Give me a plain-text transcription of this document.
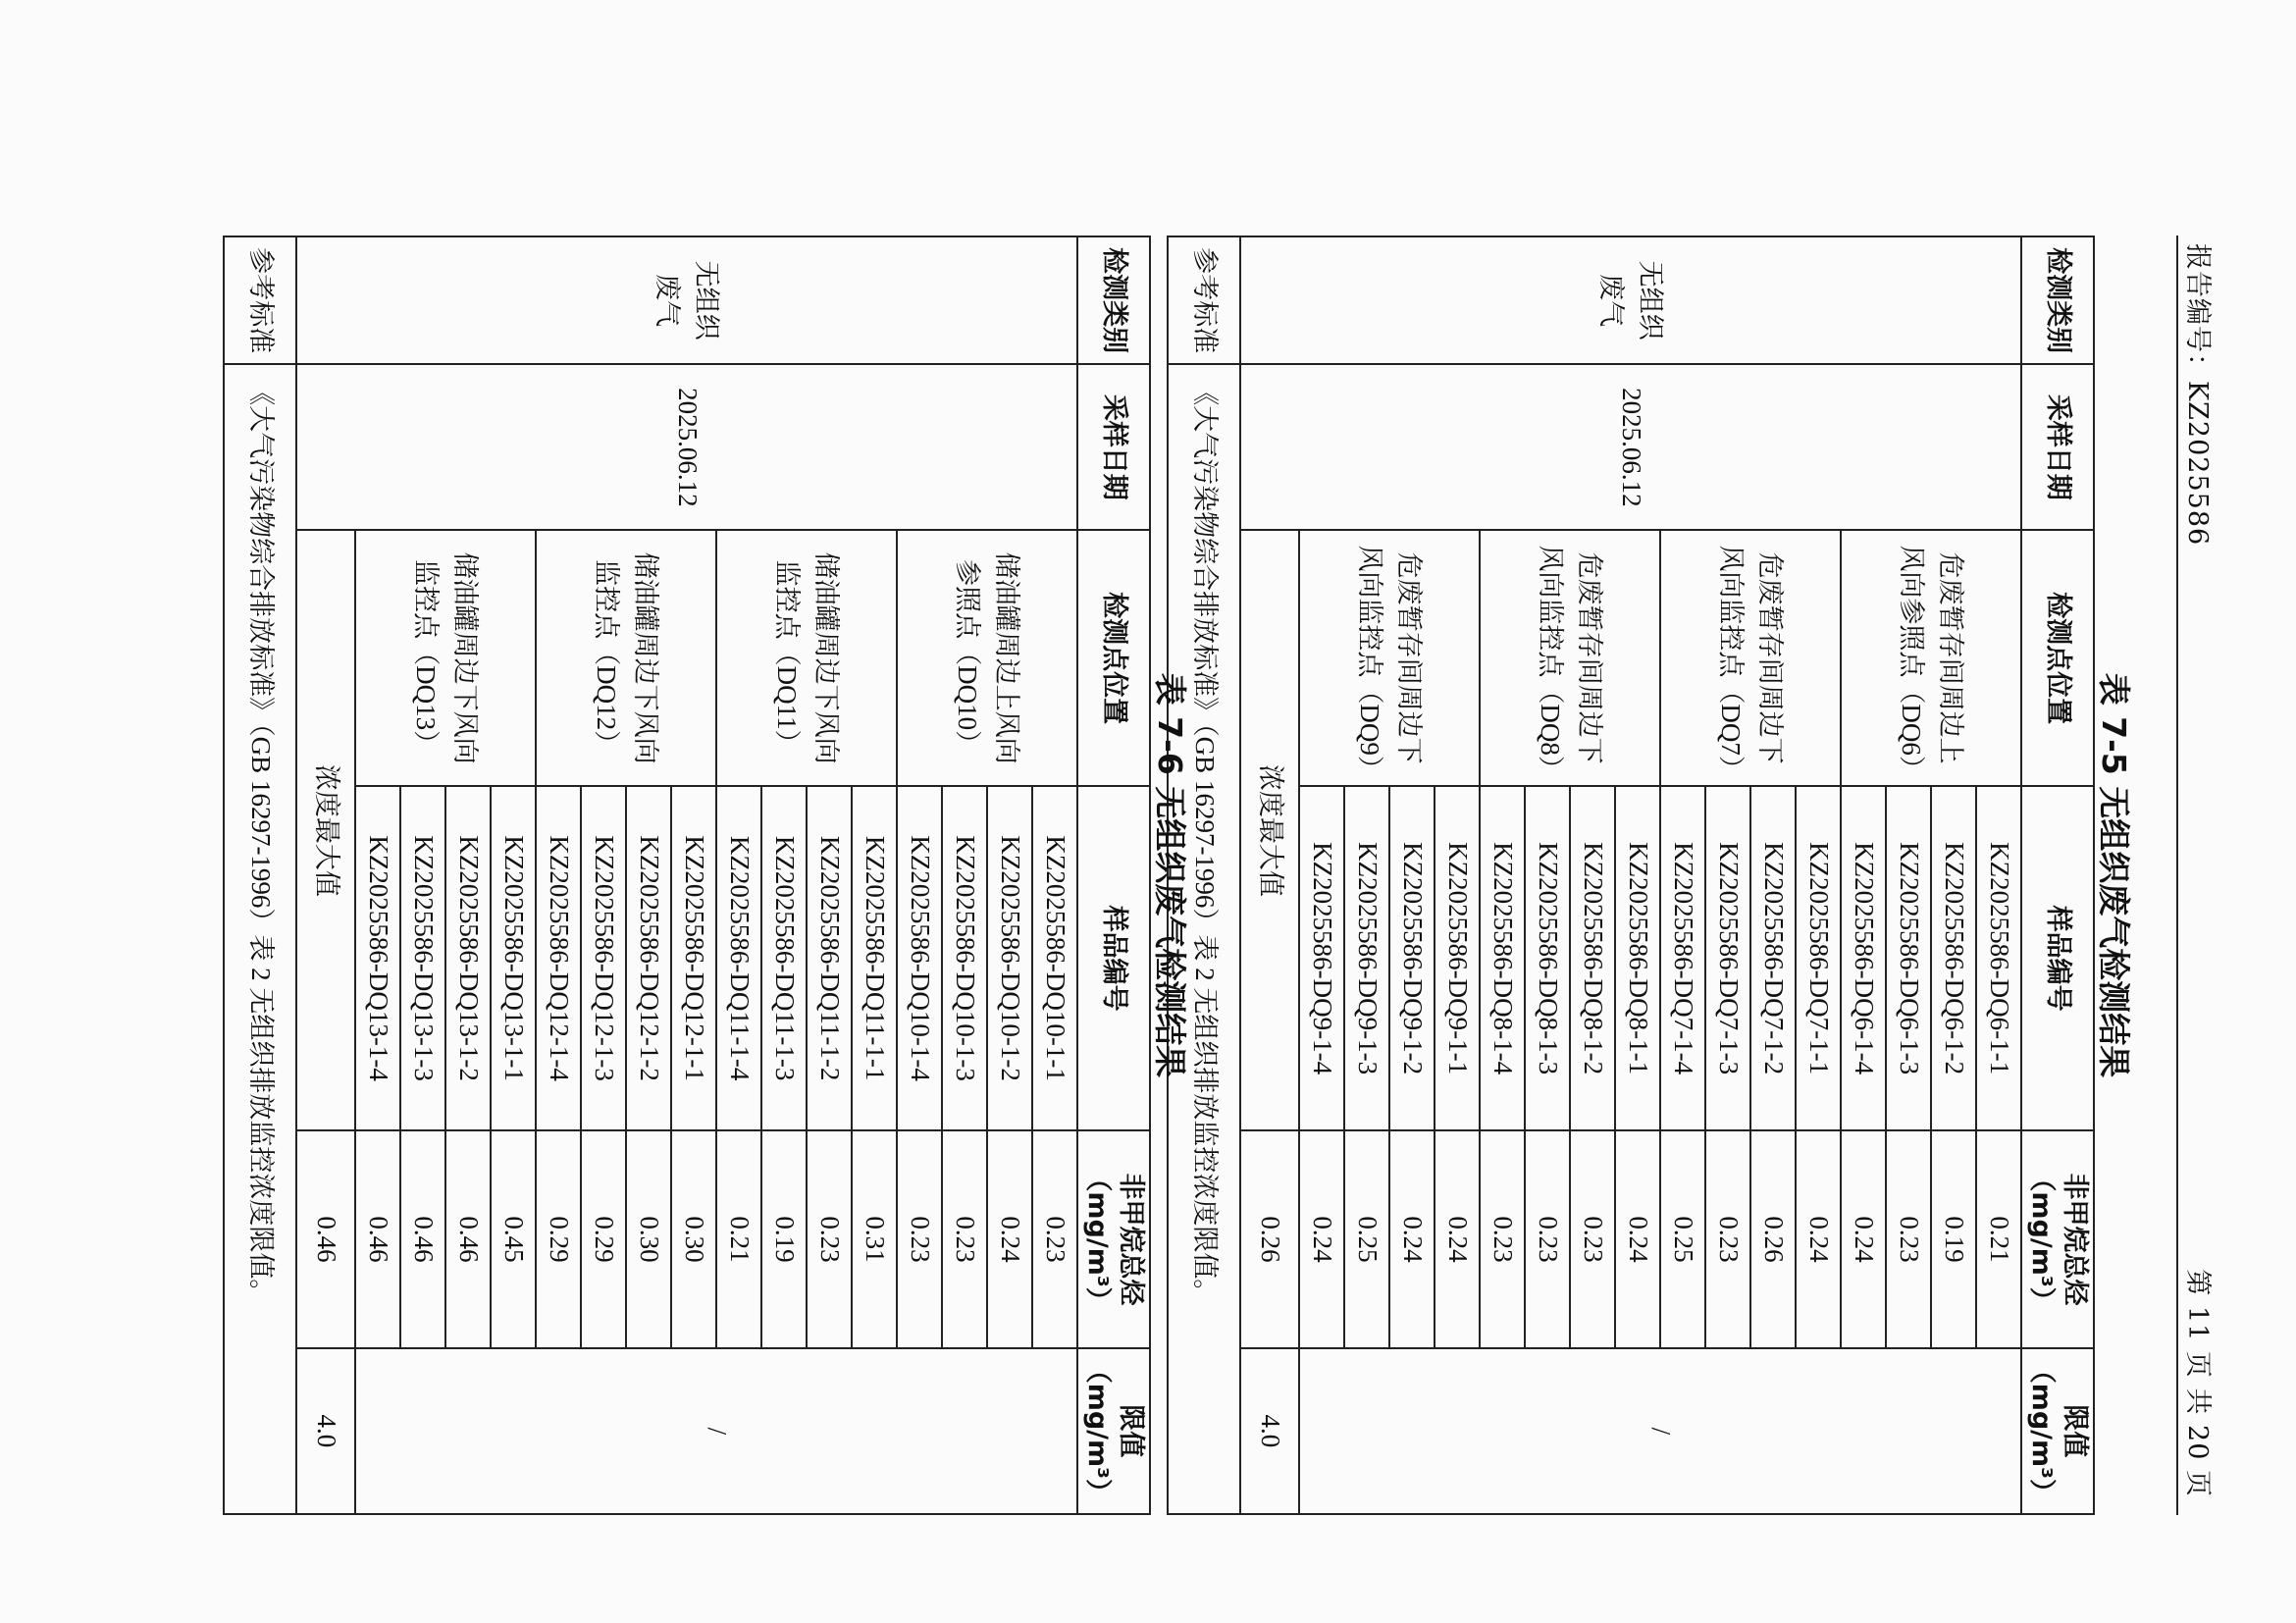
报告编号：KZ2025586
第 11 页 共 20 页
表 7-5 无组织废气检测结果
检测类别	采样日期	检测点位置	样品编号	非甲烷总烃（mg/m³）	限值（mg/m³）
无组织废气	2025.06.12	危废暂存间周边上风向参照点（DQ6）	KZ2025586-DQ6-1-1	0.21	/
			KZ2025586-DQ6-1-2	0.19	
			KZ2025586-DQ6-1-3	0.23	
			KZ2025586-DQ6-1-4	0.24	
		危废暂存间周边下风向监控点（DQ7）	KZ2025586-DQ7-1-1	0.24	
			KZ2025586-DQ7-1-2	0.26	
			KZ2025586-DQ7-1-3	0.23	
			KZ2025586-DQ7-1-4	0.25	
		危废暂存间周边下风向监控点（DQ8）	KZ2025586-DQ8-1-1	0.24	
			KZ2025586-DQ8-1-2	0.23	
			KZ2025586-DQ8-1-3	0.23	
			KZ2025586-DQ8-1-4	0.23	
		危废暂存间周边下风向监控点（DQ9）	KZ2025586-DQ9-1-1	0.24	
			KZ2025586-DQ9-1-2	0.24	
			KZ2025586-DQ9-1-3	0.25	
			KZ2025586-DQ9-1-4	0.24	
		浓度最大值		0.26	4.0
参考标准	《大气污染物综合排放标准》（GB 16297-1996）表 2 无组织排放监控浓度限值。				
表 7-6 无组织废气检测结果
检测类别	采样日期	检测点位置	样品编号	非甲烷总烃（mg/m³）	限值（mg/m³）
无组织废气	2025.06.12	储油罐周边上风向参照点（DQ10）	KZ2025586-DQ10-1-1	0.23	/
			KZ2025586-DQ10-1-2	0.24	
			KZ2025586-DQ10-1-3	0.23	
			KZ2025586-DQ10-1-4	0.23	
		储油罐周边下风向监控点（DQ11）	KZ2025586-DQ11-1-1	0.31	
			KZ2025586-DQ11-1-2	0.23	
			KZ2025586-DQ11-1-3	0.19	
			KZ2025586-DQ11-1-4	0.21	
		储油罐周边下风向监控点（DQ12）	KZ2025586-DQ12-1-1	0.30	
			KZ2025586-DQ12-1-2	0.30	
			KZ2025586-DQ12-1-3	0.29	
			KZ2025586-DQ12-1-4	0.29	
		储油罐周边下风向监控点（DQ13）	KZ2025586-DQ13-1-1	0.45	
			KZ2025586-DQ13-1-2	0.46	
			KZ2025586-DQ13-1-3	0.46	
			KZ2025586-DQ13-1-4	0.46	
		浓度最大值		0.46	4.0
参考标准	《大气污染物综合排放标准》（GB 16297-1996）表 2 无组织排放监控浓度限值。				
